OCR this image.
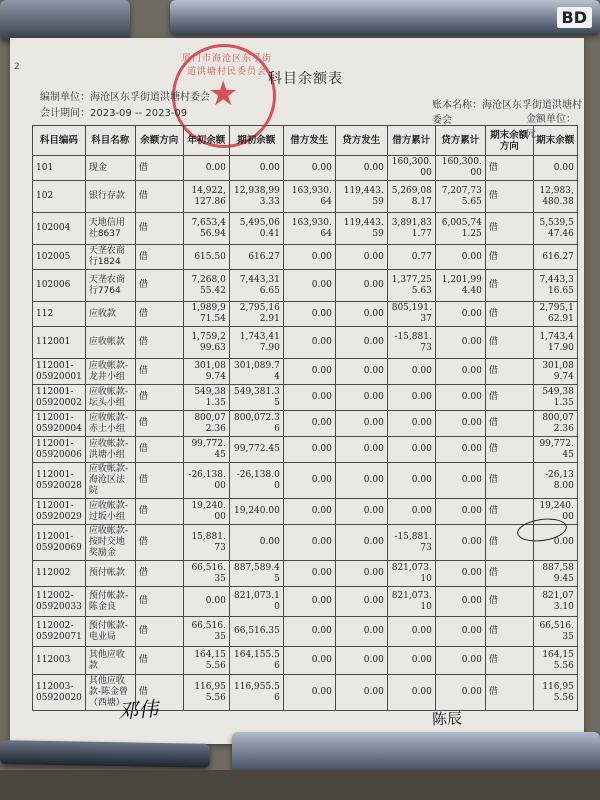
BD
2
厦门市海沧区东孚街道洪塘村民委员会
★ 科目余额表
编制单位：海沧区东孚街道洪塘村委会
账本名称：海沧区东孚街道洪塘村委会
会计期间：2023-09 -- 2023-09
金额单位：元
科目编码	科目名称	余额方向	年初余额	期初余额	借方发生	贷方发生	借方累计	贷方累计	期末余额方向	期末余额
101	现金	借	0.00	0.00	0.00	0.00	160,300.00	160,300.00	借	0.00
102	银行存款	借	14,922,127.86	12,938,993.33	163,930.64	119,443.59	5,269,088.17	7,207,735.65	借	12,983,480.38
102004	天地信用社8637	借	7,653,456.94	5,495,060.41	163,930.64	119,443.59	3,891,831.77	6,005,741.25	借	5,539,547.46
102005	天垄农商行1824	借	615.50	616.27	0.00	0.00	0.77	0.00	借	616.27
102006	天垄农商行7764	借	7,268,055.42	7,443,316.65	0.00	0.00	1,377,255.63	1,201,994.40	借	7,443,316.65
112	应收款	借	1,989,971.54	2,795,162.91	0.00	0.00	805,191.37	0.00	借	2,795,162.91
112001	应收帐款	借	1,759,299.63	1,743,417.90	0.00	0.00	-15,881.73	0.00	借	1,743,417.90
112001-05920001	应收帐款-龙井小组	借	301,089.74	301,089.74	0.00	0.00	0.00	0.00	借	301,089.74
112001-05920002	应收帐款-坛头小组	借	549,381.35	549,381.35	0.00	0.00	0.00	0.00	借	549,381.35
112001-05920004	应收帐款-赤土小组	借	800,072.36	800,072.36	0.00	0.00	0.00	0.00	借	800,072.36
112001-05920006	应收帐款-洪塘小组	借	99,772.45	99,772.45	0.00	0.00	0.00	0.00	借	99,772.45
112001-05920028	应收帐款-海沧区法院	借	-26,138.00	-26,138.00	0.00	0.00	0.00	0.00	借	-26,138.00
112001-05920029	应收帐款-过坂小组	借	19,240.00	19,240.00	0.00	0.00	0.00	0.00	借	19,240.00
112001-05920069	应收帐款-按时交地奖励金	借	15,881.73	0.00	0.00	0.00	-15,881.73	0.00	借	0.00
112002	预付帐款	借	66,516.35	887,589.45	0.00	0.00	821,073.10	0.00	借	887,589.45
112002-05920033	预付帐款-陈金良	借	0.00	821,073.10	0.00	0.00	821,073.10	0.00	借	821,073.10
112002-05920071	预付帐款-电业局	借	66,516.35	66,516.35	0.00	0.00	0.00	0.00	借	66,516.35
112003	其他应收款	借	164,155.56	164,155.56	0.00	0.00	0.00	0.00	借	164,155.56
112003-05920020	其他应收款-陈金曾（西塘）	借	116,955.56	116,955.56	0.00	0.00	0.00	0.00	借	116,955.56
邓伟	陈辰
